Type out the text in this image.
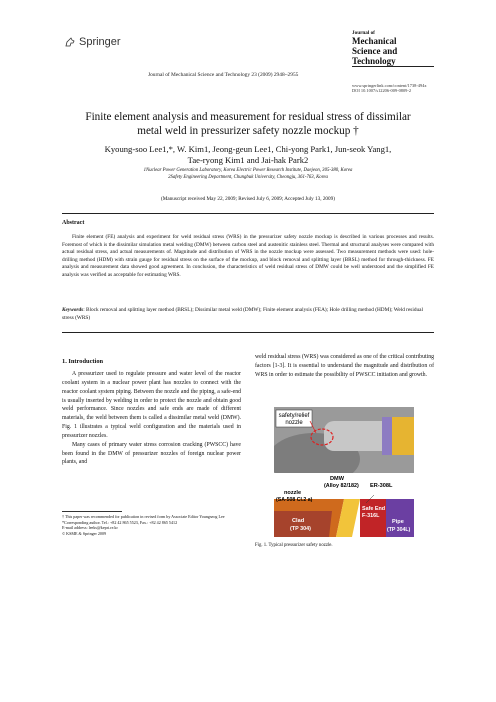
Springer
Journal of Mechanical Science and Technology 23 (2009) 2948~2955
Journal of
Mechanical
Science and
Technology
www.springerlink.com/content/1738-494x
DOI 10.1007/s12206-009-0809-2
Finite element analysis and measurement for residual stress of dissimilar
metal weld in pressurizer safety nozzle mockup †
Kyoung-soo Lee1,*, W. Kim1, Jeong-geun Lee1, Chi-yong Park1, Jun-seok Yang1,
Tae-ryong Kim1 and Jai-hak Park2
1Nuclear Power Generation Laboratory, Korea Electric Power Research Institute, Daejeon, 305-380, Korea
2Safety Engineering Department, Chungbuk University, Cheongju, 361-763, Korea
(Manuscript received May 22, 2009; Revised July 6, 2009; Accepted July 13, 2009)
Abstract
Finite element (FE) analysis and experiment for weld residual stress (WRS) in the pressurizer safety nozzle mockup is described in various processes and results. Foremost of which is the dissimilar simulation metal welding (DMW) between carbon steel and austenitic stainless steel. Thermal and structural analyses were compared with actual residual stress, and actual measurements of. Magnitude and distribution of WRS in the nozzle mockup were assessed. Two measurement methods were used: hole-drilling method (HDM) with strain gauge for residual stress on the surface of the mockup, and block removal and splitting layer (BRSL) method for through-thickness. FE analysis and measurement data showed good agreement. In conclusion, the characteristics of weld residual stress of DMW could be well understood and the simplified FE analysis was verified as acceptable for estimating WRS.
Keywords: Block removal and splitting layer method (BRSL); Dissimilar metal weld (DMW); Finite element analysis (FEA); Hole drilling method (HDM); Weld residual stress (WRS)
1. Introduction

A pressurizer used to regulate pressure and water level of the reactor coolant system in a nuclear power plant has nozzles to connect with the reactor coolant system piping. Between the nozzle and the piping, a safe-end is usually inserted by welding in order to protect the nozzle and obtain good weld performance. Since nozzles and safe ends are made of different materials, the weld between them is called a dissimilar metal weld (DMW). Fig. 1 illustrates a typical weld configuration and the materials used in pressurizer nozzles.

Many cases of primary water stress corrosion cracking (PWSCC) have been found in the DMW of pressurizer nozzles of foreign nuclear power plants, and

† This paper was recommended for publication in revised form by Associate Editor Youngseog Lee
*Corresponding author. Tel.: +82 42 865 5523, Fax.: +82 42 865 5412
E-mail address: leeks@kepri.re.kr
© KSME & Springer 2009

weld residual stress (WRS) was considered as one of the critical contributing factors [1-3]. It is essential to understand the magnitude and distribution of WRS in order to estimate the possibility of PWSCC initiation and growth.

safety/relief
nozzle
DMW
(Alloy 82/182) ER-308L
nozzle
(SA-508 Cl.2 a)
Safe End
F-316L
Clad
(TP 304)
Pipe
(TP 304L)
Fig. 1. Typical pressurizer safety nozzle.
